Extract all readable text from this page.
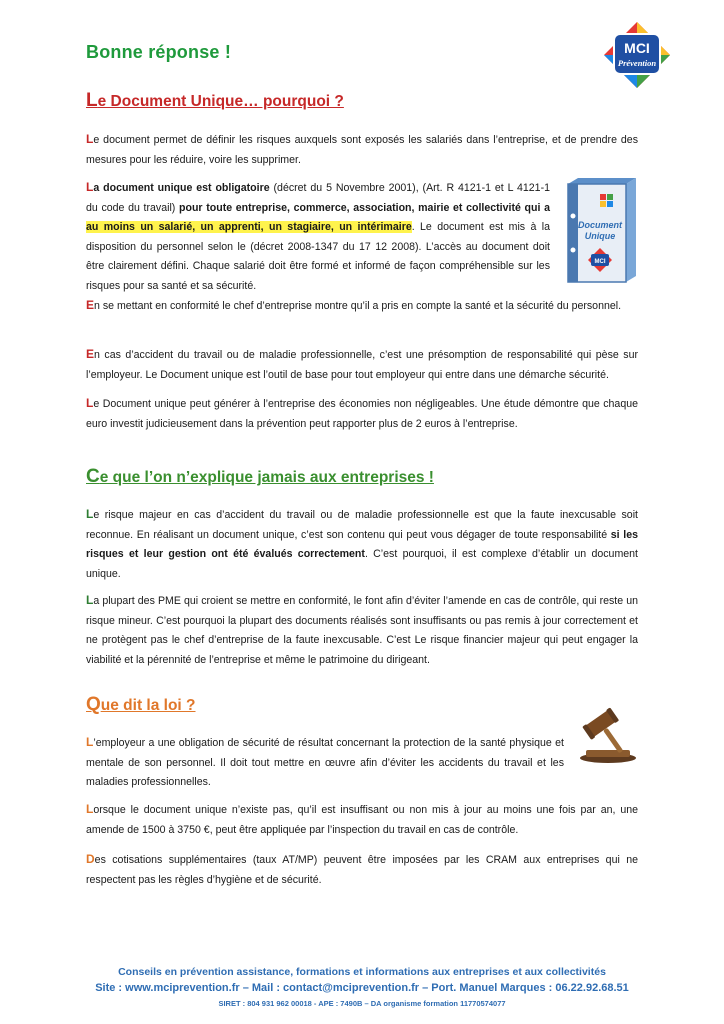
Bonne réponse !	MCI
Prévention
Le Document Unique… pourquoi ?

Le document permet de définir les risques auxquels sont exposés les salariés dans l’entreprise, et de prendre des mesures pour les réduire, voire les supprimer.

La document unique est obligatoire (décret du 5 Novembre 2001), (Art. R 4121-1 et L 4121-1 du code du travail) pour toute entreprise, commerce, association, mairie et collectivité qui a au moins un salarié, un apprenti, un stagiaire, un intérimaire. Le document est mis à la disposition du personnel selon le (décret 2008-1347 du 17 12 2008). L’accès au document doit être clairement défini. Chaque salarié doit être formé et informé de façon compréhensible sur les risques pour sa santé et sa sécurité.

Document
Unique
MCI

En se mettant en conformité le chef d’entreprise montre qu’il a pris en compte la santé et la sécurité du personnel.

En cas d’accident du travail ou de maladie professionnelle, c’est une présomption de responsabilité qui pèse sur l’employeur. Le Document unique est l’outil de base pour tout employeur qui entre dans une démarche sécurité.

Le Document unique peut générer à l’entreprise des économies non négligeables. Une étude démontre que chaque euro investit judicieusement dans la prévention peut rapporter plus de 2 euros à l’entreprise.

Ce que l’on n’explique jamais aux entreprises !

Le risque majeur en cas d’accident du travail ou de maladie professionnelle est que la faute inexcusable soit reconnue. En réalisant un document unique, c’est son contenu qui peut vous dégager de toute responsabilité si les risques et leur gestion ont été évalués correctement. C’est pourquoi, il est complexe d’établir un document unique.

La plupart des PME qui croient se mettre en conformité, le font afin d’éviter l’amende en cas de contrôle, qui reste un risque mineur. C’est pourquoi la plupart des documents réalisés sont insuffisants ou pas remis à jour correctement et ne protègent pas le chef d’entreprise de la faute inexcusable. C’est Le risque financier majeur qui peut engager la viabilité et la pérennité de l’entreprise et même le patrimoine du dirigeant.

Que dit la loi ?

L’employeur a une obligation de sécurité de résultat concernant la protection de la santé physique et mentale de son personnel. Il doit tout mettre en œuvre afin d’éviter les accidents du travail et les maladies professionnelles.

Lorsque le document unique n’existe pas, qu’il est insuffisant ou non mis à jour au moins une fois par an, une amende de 1500 à 3750 €, peut être appliquée par l’inspection du travail en cas de contrôle.

Des cotisations supplémentaires (taux AT/MP) peuvent être imposées par les CRAM aux entreprises qui ne respectent pas les règles d’hygiène et de sécurité.

Conseils en prévention assistance, formations et informations aux entreprises et aux collectivités
Site : www.mciprevention.fr – Mail : contact@mciprevention.fr – Port. Manuel Marques : 06.22.92.68.51
SIRET : 804 931 962 00018 - APE : 7490B – DA organisme formation 11770574077
